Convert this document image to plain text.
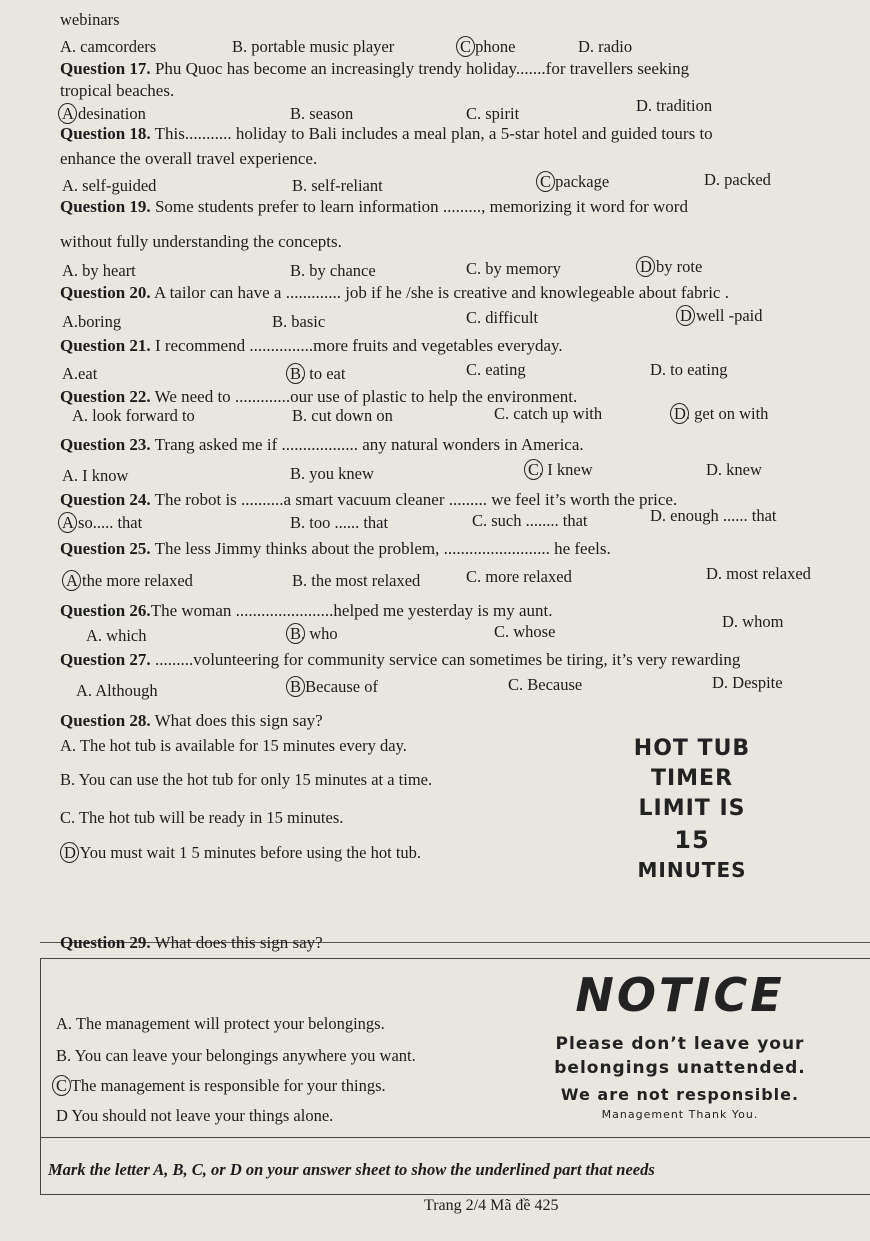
webinars
A. camcorders	B. portable music player	C phone	D. radio
Question 17. Phu Quoc has become an increasingly trendy holiday.......for travellers seeking
tropical beaches.
A desination	B. season	C. spirit	D. tradition
Question 18. This........... holiday to Bali includes a meal plan, a 5-star hotel and guided tours to
enhance the overall travel experience.
A. self-guided	B. self-reliant	C package	D. packed
Question 19. Some students prefer to learn information ........., memorizing it word for word
without fully understanding the concepts.
A. by heart	B. by chance	C. by memory	D by rote
Question 20. A tailor can have a ............. job if he /she is creative and knowlegeable about fabric .
A.boring	B. basic	C. difficult	D well -paid
Question 21. I recommend ...............more fruits and vegetables everyday.
A.eat	B. to eat	C. eating	D. to eating
Question 22. We need to .............our use of plastic to help the environment.
A. look forward to	B. cut down on	C. catch up with	D. get on with
Question 23. Trang asked me if .................. any natural wonders in America.
A. I know	B. you knew	C. I knew	D. knew
Question 24. The robot is ..........a smart vacuum cleaner ......... we feel it’s worth the price.
A so..... that	B. too ...... that	C. such ........ that	D. enough ...... that
Question 25. The less Jimmy thinks about the problem, ......................... he feels.
A the more relaxed	B. the most relaxed	C. more relaxed	D. most relaxed
Question 26.The woman .......................helped me yesterday is my aunt.
A. which	B. who	C. whose
D. whom
Question 27. .........volunteering for community service can sometimes be tiring, it’s very rewarding
A. Although	B Because of	C. Because	D. Despite
Question 28. What does this sign say?
A. The hot tub is available for 15 minutes every day.
B. You can use the hot tub for only 15 minutes at a time.
C. The hot tub will be ready in 15 minutes.
D You must wait 1 5 minutes before using the hot tub.
HOT TUB
TIMER
LIMIT IS
15
MINUTES
Question 29. What does this sign say?
A. The management will protect your belongings.
B. You can leave your belongings anywhere you want.
C The management is responsible for your things.
D You should not leave your things alone.
NOTICE
Please don’t leave your
belongings unattended.
We are not responsible.
Management Thank You.
Mark the letter A, B, C, or D on your answer sheet to show the underlined part that needs
Trang 2/4 Mã đề 425
